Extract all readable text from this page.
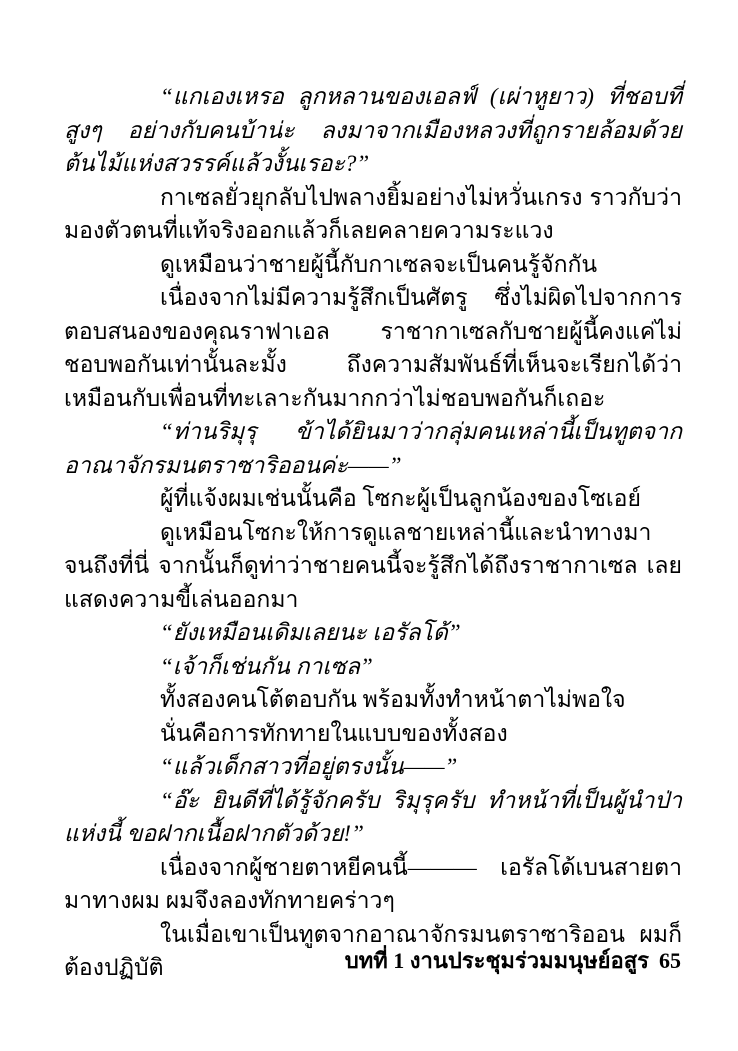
“แกเองเหรอ ลูกหลานของเอลฟ์ (เผ่าหูยาว) ที่ชอบที่สูงๆ อย่างกับคนบ้าน่ะ ลงมาจากเมืองหลวงที่ถูกรายล้อมด้วยต้นไม้แห่งสวรรค์แล้วงั้นเรอะ?”

กาเซลยั่วยุกลับไปพลางยิ้มอย่างไม่หวั่นเกรง ราวกับว่ามองตัวตนที่แท้จริงออกแล้วก็เลยคลายความระแวง

ดูเหมือนว่าชายผู้นี้กับกาเซลจะเป็นคนรู้จักกัน

เนื่องจากไม่มีความรู้สึกเป็นศัตรู ซึ่งไม่ผิดไปจากการตอบสนองของคุณราฟาเอล ราชากาเซลกับชายผู้นี้คงแค่ไม่ชอบพอกันเท่านั้นละมั้ง ถึงความสัมพันธ์ที่เห็นจะเรียกได้ว่าเหมือนกับเพื่อนที่ทะเลาะกันมากกว่าไม่ชอบพอกันก็เถอะ

“ท่านริมุรุ ข้าได้ยินมาว่ากลุ่มคนเหล่านี้เป็นทูตจากอาณาจักรมนตราซาริออนค่ะ——”

ผู้ที่แจ้งผมเช่นนั้นคือ โซกะผู้เป็นลูกน้องของโซเอย์

ดูเหมือนโซกะให้การดูแลชายเหล่านี้และนำทางมาจนถึงที่นี่ จากนั้นก็ดูท่าว่าชายคนนี้จะรู้สึกได้ถึงราชากาเซล เลยแสดงความขี้เล่นออกมา

“ยังเหมือนเดิมเลยนะ เอรัลโด้”

“เจ้าก็เช่นกัน กาเซล”

ทั้งสองคนโต้ตอบกัน พร้อมทั้งทำหน้าตาไม่พอใจ

นั่นคือการทักทายในแบบของทั้งสอง

“แล้วเด็กสาวที่อยู่ตรงนั้น——”

“อ๊ะ ยินดีที่ได้รู้จักครับ ริมุรุครับ ทำหน้าที่เป็นผู้นำป่าแห่งนี้ ขอฝากเนื้อฝากตัวด้วย!”

เนื่องจากผู้ชายตาหยีคนนี้——— เอรัลโด้เบนสายตามาทางผม ผมจึงลองทักทายคร่าวๆ

ในเมื่อเขาเป็นทูตจากอาณาจักรมนตราซาริออน ผมก็ต้องปฏิบัติ	บทที่ 1 งานประชุมร่วมมนุษย์อสูร 65
